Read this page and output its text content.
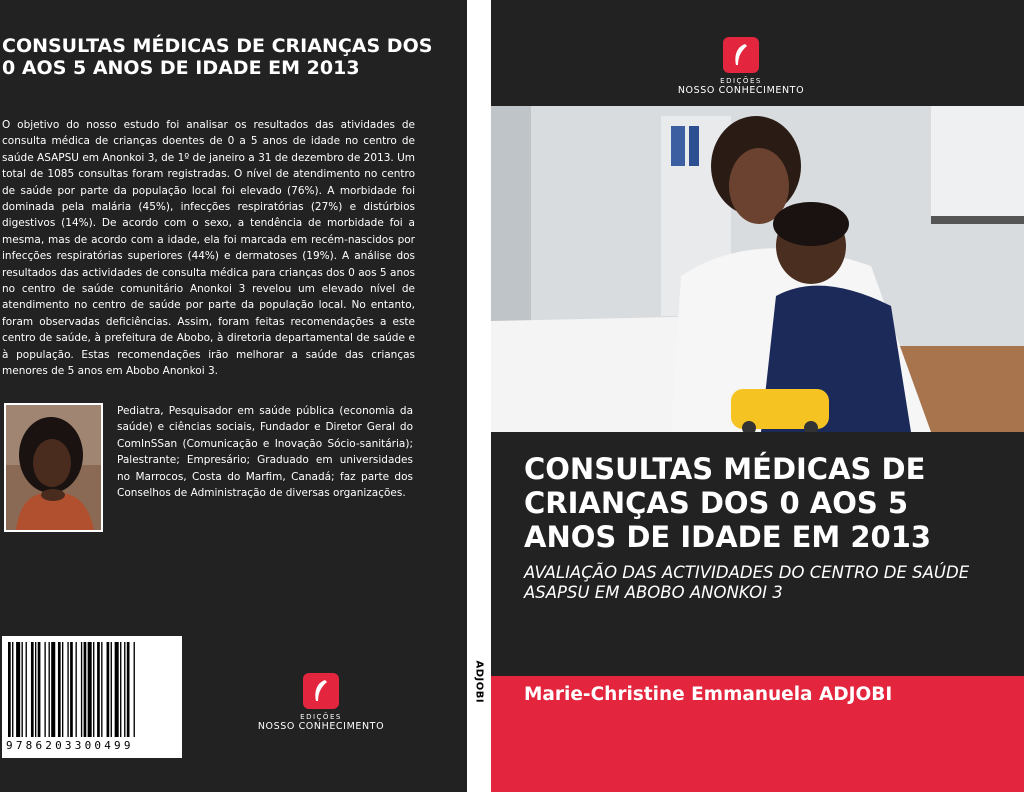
CONSULTAS MÉDICAS DE CRIANÇAS DOS 0 AOS 5 ANOS DE IDADE EM 2013

O objetivo do nosso estudo foi analisar os resultados das atividades de consulta médica de crianças doentes de 0 a 5 anos de idade no centro de saúde ASAPSU em Anonkoi 3, de 1º de janeiro a 31 de dezembro de 2013. Um total de 1085 consultas foram registradas. O nível de atendimento no centro de saúde por parte da população local foi elevado (76%). A morbidade foi dominada pela malária (45%), infecções respiratórias (27%) e distúrbios digestivos (14%). De acordo com o sexo, a tendência de morbidade foi a mesma, mas de acordo com a idade, ela foi marcada em recém-nascidos por infecções respiratórias superiores (44%) e dermatoses (19%). A análise dos resultados das actividades de consulta médica para crianças dos 0 aos 5 anos no centro de saúde comunitário Anonkoi 3 revelou um elevado nível de atendimento no centro de saúde por parte da população local. No entanto, foram observadas deficiências. Assim, foram feitas recomendações a este centro de saúde, à prefeitura de Abobo, à diretoria departamental de saúde e à população. Estas recomendações irão melhorar a saúde das crianças menores de 5 anos em Abobo Anonkoi 3.

Pediatra, Pesquisador em saúde pública (economia da saúde) e ciências sociais, Fundador e Diretor Geral do ComInSSan (Comunicação e Inovação Sócio-sanitária); Palestrante; Empresário; Graduado em universidades no Marrocos, Costa do Marfim, Canadá; faz parte dos Conselhos de Administração de diversas organizações.

9786203300499
EDIÇÕES
NOSSO CONHECIMENTO
ADJOBI
EDIÇÕES
NOSSO CONHECIMENTO
CONSULTAS MÉDICAS DE CRIANÇAS DOS 0 AOS 5 ANOS DE IDADE EM 2013

AVALIAÇÃO DAS ACTIVIDADES DO CENTRO DE SAÚDE ASAPSU EM ABOBO ANONKOI 3

Marie-Christine Emmanuela ADJOBI
